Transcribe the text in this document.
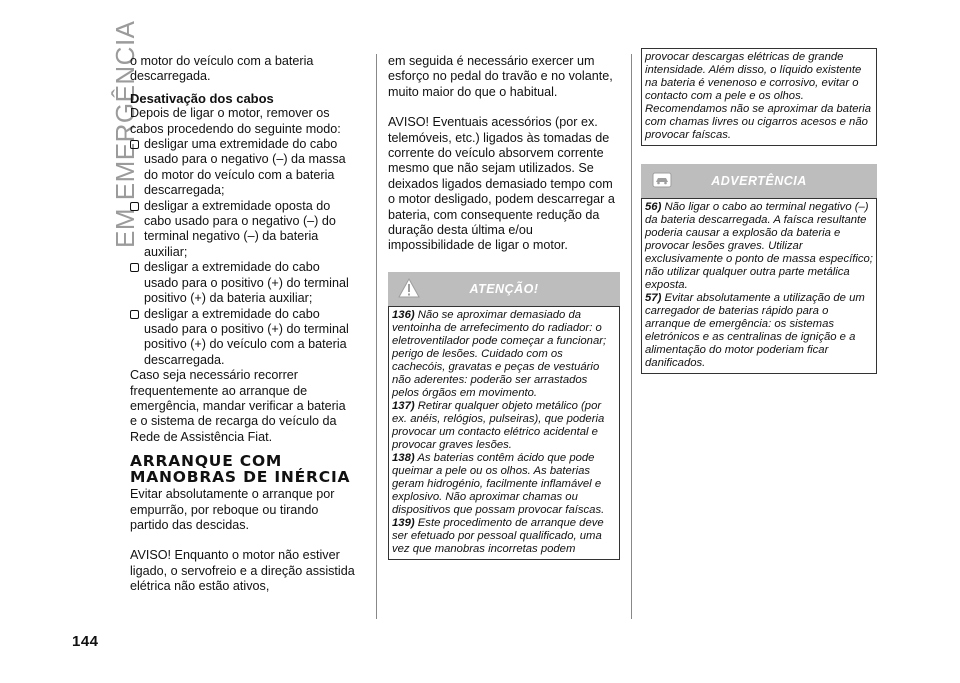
EM EMERGÊNCIA

o motor do veículo com a bateria descarregada.

Desativação dos cabos

Depois de ligar o motor, remover os cabos procedendo do seguinte modo:

desligar uma extremidade do cabo usado para o negativo (–) da massa do motor do veículo com a bateria descarregada;

desligar a extremidade oposta do cabo usado para o negativo (–) do terminal negativo (–) da bateria auxiliar;

desligar a extremidade do cabo usado para o positivo (+) do terminal positivo (+) da bateria auxiliar;

desligar a extremidade do cabo usado para o positivo (+) do terminal positivo (+) do veículo com a bateria descarregada.

Caso seja necessário recorrer frequentemente ao arranque de emergência, mandar verificar a bateria e o sistema de recarga do veículo da Rede de Assistência Fiat.

ARRANQUE COM MANOBRAS DE INÉRCIA

Evitar absolutamente o arranque por empurrão, por reboque ou tirando partido das descidas.

AVISO! Enquanto o motor não estiver ligado, o servofreio e a direção assistida elétrica não estão ativos,

em seguida é necessário exercer um esforço no pedal do travão e no volante, muito maior do que o habitual.

AVISO! Eventuais acessórios (por ex. telemóveis, etc.) ligados às tomadas de corrente do veículo absorvem corrente mesmo que não sejam utilizados. Se deixados ligados demasiado tempo com o motor desligado, podem descarregar a bateria, com consequente redução da duração desta última e/ou impossibilidade de ligar o motor.

ATENÇÃO!

136) Não se aproximar demasiado da ventoinha de arrefecimento do radiador: o eletroventilador pode começar a funcionar; perigo de lesões. Cuidado com os cachecóis, gravatas e peças de vestuário não aderentes: poderão ser arrastados pelos órgãos em movimento.

137) Retirar qualquer objeto metálico (por ex. anéis, relógios, pulseiras), que poderia provocar um contacto elétrico acidental e provocar graves lesões.

138) As baterias contêm ácido que pode queimar a pele ou os olhos. As baterias geram hidrogénio, facilmente inflamável e explosivo. Não aproximar chamas ou dispositivos que possam provocar faíscas.

139) Este procedimento de arranque deve ser efetuado por pessoal qualificado, uma vez que manobras incorretas podem

provocar descargas elétricas de grande intensidade. Além disso, o líquido existente na bateria é venenoso e corrosivo, evitar o contacto com a pele e os olhos. Recomendamos não se aproximar da bateria com chamas livres ou cigarros acesos e não provocar faíscas.

ADVERTÊNCIA

56) Não ligar o cabo ao terminal negativo (–) da bateria descarregada. A faísca resultante poderia causar a explosão da bateria e provocar lesões graves. Utilizar exclusivamente o ponto de massa específico; não utilizar qualquer outra parte metálica exposta.

57) Evitar absolutamente a utilização de um carregador de baterias rápido para o arranque de emergência: os sistemas eletrónicos e as centralinas de ignição e a alimentação do motor poderiam ficar danificados.

144
